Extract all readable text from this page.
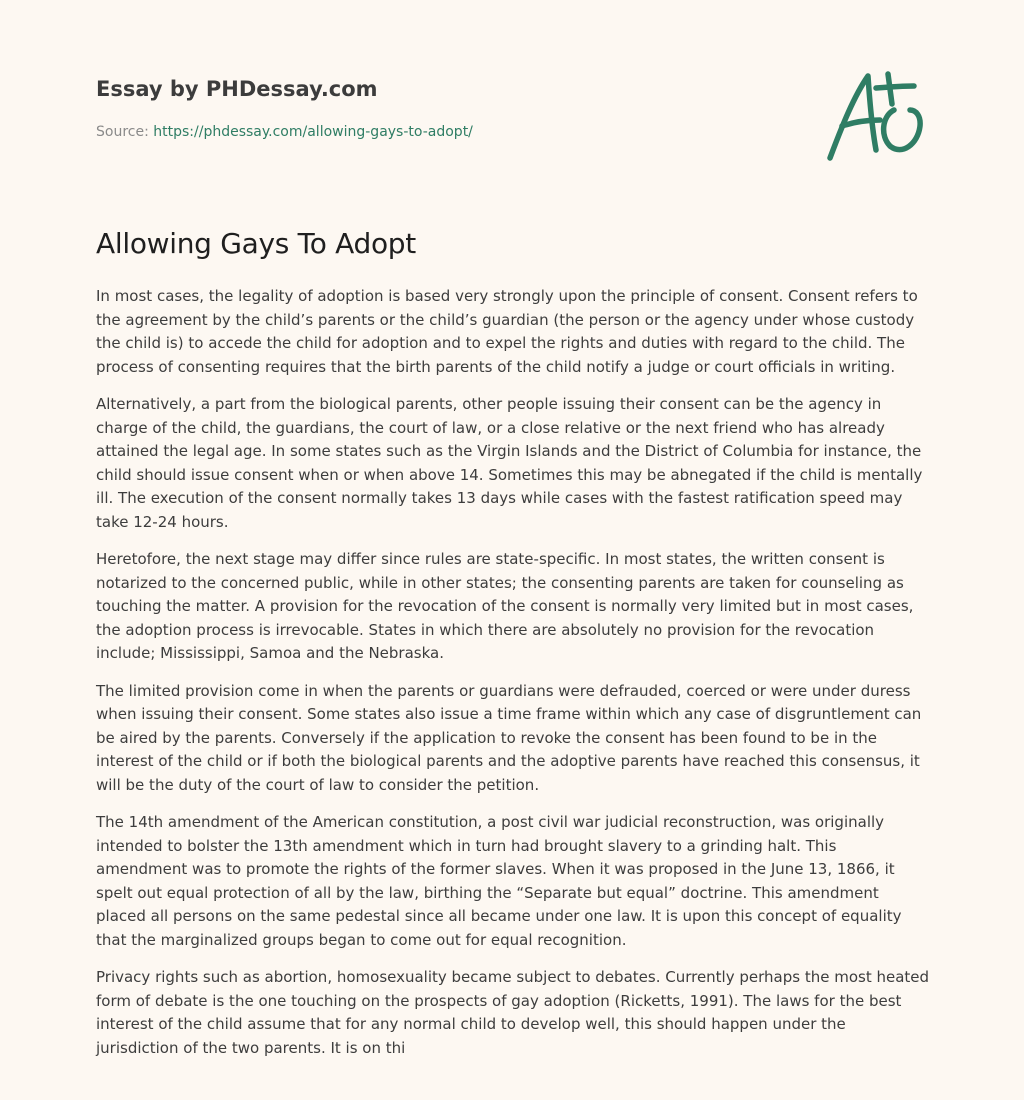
Essay by PHDessay.com
Source: https://phdessay.com/allowing-gays-to-adopt/
Allowing Gays To Adopt

In most cases, the legality of adoption is based very strongly upon the principle of consent. Consent refers to the agreement by the child’s parents or the child’s guardian (the person or the agency under whose custody the child is) to accede the child for adoption and to expel the rights and duties with regard to the child. The process of consenting requires that the birth parents of the child notify a judge or court officials in writing.

Alternatively, a part from the biological parents, other people issuing their consent can be the agency in charge of the child, the guardians, the court of law, or a close relative or the next friend who has already attained the legal age. In some states such as the Virgin Islands and the District of Columbia for instance, the child should issue consent when or when above 14. Sometimes this may be abnegated if the child is mentally ill. The execution of the consent normally takes 13 days while cases with the fastest ratification speed may take 12-24 hours.

Heretofore, the next stage may differ since rules are state-specific. In most states, the written consent is notarized to the concerned public, while in other states; the consenting parents are taken for counseling as touching the matter. A provision for the revocation of the consent is normally very limited but in most cases, the adoption process is irrevocable. States in which there are absolutely no provision for the revocation include; Mississippi, Samoa and the Nebraska.

The limited provision come in when the parents or guardians were defrauded, coerced or were under duress when issuing their consent. Some states also issue a time frame within which any case of disgruntlement can be aired by the parents. Conversely if the application to revoke the consent has been found to be in the interest of the child or if both the biological parents and the adoptive parents have reached this consensus, it will be the duty of the court of law to consider the petition.

The 14th amendment of the American constitution, a post civil war judicial reconstruction, was originally intended to bolster the 13th amendment which in turn had brought slavery to a grinding halt. This amendment was to promote the rights of the former slaves. When it was proposed in the June 13, 1866, it spelt out equal protection of all by the law, birthing the “Separate but equal” doctrine. This amendment placed all persons on the same pedestal since all became under one law. It is upon this concept of equality that the marginalized groups began to come out for equal recognition.

Privacy rights such as abortion, homosexuality became subject to debates. Currently perhaps the most heated form of debate is the one touching on the prospects of gay adoption (Ricketts, 1991). The laws for the best interest of the child assume that for any normal child to develop well, this should happen under the jurisdiction of the two parents. It is on thi
